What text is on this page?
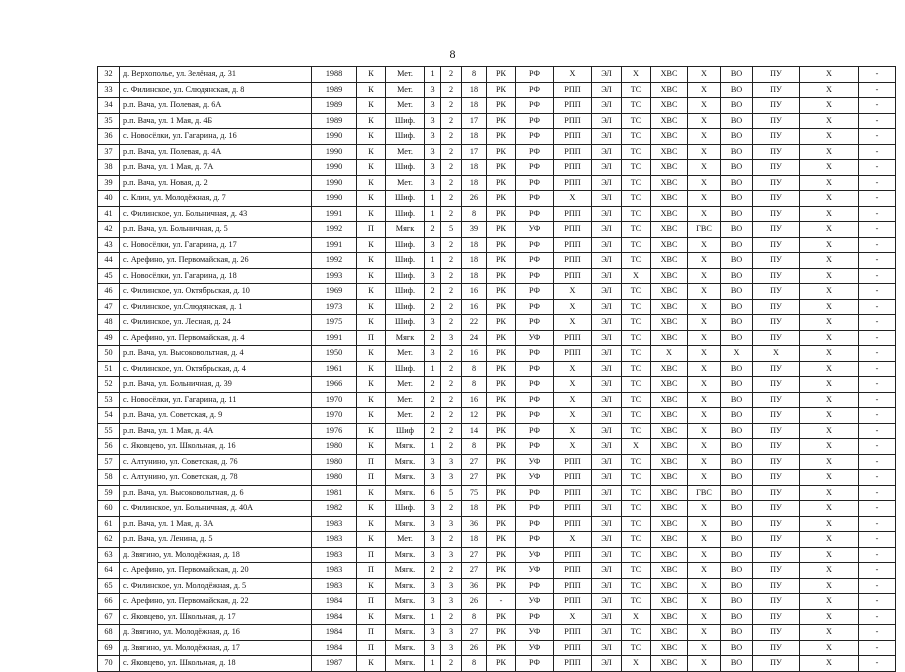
8
32	д. Верхополье, ул. Зелёная, д. 31	1988	К	Мет.	1	2	8	РК	РФ	Х	ЭЛ	Х	ХВС	Х	ВО	ПУ	Х	-
33	с. Филинское, ул. Слюдянская, д. 8	1989	К	Мет.	3	2	18	РК	РФ	РПП	ЭЛ	ТС	ХВС	Х	ВО	ПУ	Х	-
34	р.п. Вача, ул. Полевая, д. 6А	1989	К	Мет.	3	2	18	РК	РФ	РПП	ЭЛ	ТС	ХВС	Х	ВО	ПУ	Х	-
35	р.п. Вача, ул. 1 Мая, д. 4Б	1989	К	Шиф.	3	2	17	РК	РФ	РПП	ЭЛ	ТС	ХВС	Х	ВО	ПУ	Х	-
36	с. Новосёлки, ул. Гагарина, д. 16	1990	К	Шиф.	3	2	18	РК	РФ	РПП	ЭЛ	ТС	ХВС	Х	ВО	ПУ	Х	-
37	р.п. Вача, ул. Полевая, д. 4А	1990	К	Мет.	3	2	17	РК	РФ	РПП	ЭЛ	ТС	ХВС	Х	ВО	ПУ	Х	-
38	р.п. Вача, ул. 1 Мая, д. 7А	1990	К	Шиф.	3	2	18	РК	РФ	РПП	ЭЛ	ТС	ХВС	Х	ВО	ПУ	Х	-
39	р.п. Вача, ул. Новая, д. 2	1990	К	Мет.	3	2	18	РК	РФ	РПП	ЭЛ	ТС	ХВС	Х	ВО	ПУ	Х	-
40	с. Клин, ул. Молодёжная, д. 7	1990	К	Шиф.	1	2	26	РК	РФ	Х	ЭЛ	ТС	ХВС	Х	ВО	ПУ	Х	-
41	с. Филинское, ул. Больничная, д. 43	1991	К	Шиф.	1	2	8	РК	РФ	РПП	ЭЛ	ТС	ХВС	Х	ВО	ПУ	Х	-
42	р.п. Вача, ул. Больничная, д. 5	1992	П	Мягк	2	5	39	РК	УФ	РПП	ЭЛ	ТС	ХВС	ГВС	ВО	ПУ	Х	-
43	с. Новосёлки, ул. Гагарина, д. 17	1991	К	Шиф.	3	2	18	РК	РФ	РПП	ЭЛ	ТС	ХВС	Х	ВО	ПУ	Х	-
44	с. Арефино, ул. Первомайская, д. 26	1992	К	Шиф.	1	2	18	РК	РФ	РПП	ЭЛ	ТС	ХВС	Х	ВО	ПУ	Х	-
45	с. Новосёлки, ул. Гагарина, д. 18	1993	К	Шиф.	3	2	18	РК	РФ	РПП	ЭЛ	Х	ХВС	Х	ВО	ПУ	Х	-
46	с. Филинское, ул. Октябрьская, д. 10	1969	К	Шиф.	2	2	16	РК	РФ	Х	ЭЛ	ТС	ХВС	Х	ВО	ПУ	Х	-
47	с. Филинское, ул.Слюдянская, д. 1	1973	К	Шиф.	2	2	16	РК	РФ	Х	ЭЛ	ТС	ХВС	Х	ВО	ПУ	Х	-
48	с. Филинское, ул. Лесная, д. 24	1975	К	Шиф.	3	2	22	РК	РФ	Х	ЭЛ	ТС	ХВС	Х	ВО	ПУ	Х	-
49	с. Арефино, ул. Первомайская, д. 4	1991	П	Мягк	2	3	24	РК	УФ	РПП	ЭЛ	ТС	ХВС	Х	ВО	ПУ	Х	-
50	р.п. Вача, ул. Высоковольтная, д. 4	1950	К	Мет.	3	2	16	РК	РФ	РПП	ЭЛ	ТС	Х	Х	Х	Х	Х	-
51	с. Филинское, ул. Октябрьская, д. 4	1961	К	Шиф.	1	2	8	РК	РФ	Х	ЭЛ	ТС	ХВС	Х	ВО	ПУ	Х	-
52	р.п. Вача, ул. Больничная, д. 39	1966	К	Мет.	2	2	8	РК	РФ	Х	ЭЛ	ТС	ХВС	Х	ВО	ПУ	Х	-
53	с. Новосёлки, ул. Гагарина, д. 11	1970	К	Мет.	2	2	16	РК	РФ	Х	ЭЛ	ТС	ХВС	Х	ВО	ПУ	Х	-
54	р.п. Вача, ул. Советская, д. 9	1970	К	Мет.	2	2	12	РК	РФ	Х	ЭЛ	ТС	ХВС	Х	ВО	ПУ	Х	-
55	р.п. Вача, ул. 1 Мая, д. 4А	1976	К	Шиф	2	2	14	РК	РФ	Х	ЭЛ	ТС	ХВС	Х	ВО	ПУ	Х	-
56	с. Яковцево, ул. Школьная, д. 16	1980	К	Мягк.	1	2	8	РК	РФ	Х	ЭЛ	Х	ХВС	Х	ВО	ПУ	Х	-
57	с. Алтунино, ул. Советская, д. 76	1980	П	Мягк.	3	3	27	РК	УФ	РПП	ЭЛ	ТС	ХВС	Х	ВО	ПУ	Х	-
58	с. Алтунино, ул. Советская, д. 78	1980	П	Мягк.	3	3	27	РК	УФ	РПП	ЭЛ	ТС	ХВС	Х	ВО	ПУ	Х	-
59	р.п. Вача, ул. Высоковольтная, д. 6	1981	К	Мягк.	6	5	75	РК	РФ	РПП	ЭЛ	ТС	ХВС	ГВС	ВО	ПУ	Х	-
60	с. Филинское, ул. Больничная, д. 40А	1982	К	Шиф.	3	2	18	РК	РФ	РПП	ЭЛ	ТС	ХВС	Х	ВО	ПУ	Х	-
61	р.п. Вача, ул. 1 Мая, д. 3А	1983	К	Мягк.	3	3	36	РК	РФ	РПП	ЭЛ	ТС	ХВС	Х	ВО	ПУ	Х	-
62	р.п. Вача, ул. Ленина, д. 5	1983	К	Мет.	3	2	18	РК	РФ	Х	ЭЛ	ТС	ХВС	Х	ВО	ПУ	Х	-
63	д. Звягино, ул. Молодёжная, д. 18	1983	П	Мягк.	3	3	27	РК	УФ	РПП	ЭЛ	ТС	ХВС	Х	ВО	ПУ	Х	-
64	с. Арефино, ул. Первомайская, д. 20	1983	П	Мягк.	2	2	27	РК	УФ	РПП	ЭЛ	ТС	ХВС	Х	ВО	ПУ	Х	-
65	с. Филинское, ул. Молодёжная, д. 5	1983	К	Мягк.	3	3	36	РК	РФ	РПП	ЭЛ	ТС	ХВС	Х	ВО	ПУ	Х	-
66	с. Арефино, ул. Первомайская, д. 22	1984	П	Мягк.	3	3	26	-	УФ	РПП	ЭЛ	ТС	ХВС	Х	ВО	ПУ	Х	-
67	с. Яковцево, ул. Школьная, д. 17	1984	К	Мягк.	1	2	8	РК	РФ	Х	ЭЛ	Х	ХВС	Х	ВО	ПУ	Х	-
68	д. Звягино, ул. Молодёжная, д. 16	1984	П	Мягк.	3	3	27	РК	УФ	РПП	ЭЛ	ТС	ХВС	Х	ВО	ПУ	Х	-
69	д. Звягино, ул. Молодёжная, д. 17	1984	П	Мягк.	3	3	26	РК	УФ	РПП	ЭЛ	ТС	ХВС	Х	ВО	ПУ	Х	-
70	с. Яковцево, ул. Школьная, д. 18	1987	К	Мягк.	1	2	8	РК	РФ	РПП	ЭЛ	Х	ХВС	Х	ВО	ПУ	Х	-
